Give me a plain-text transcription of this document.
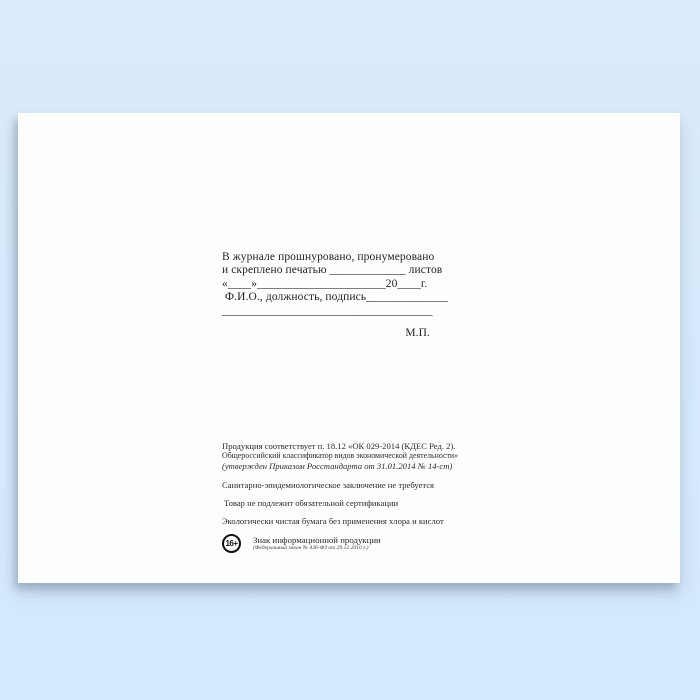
В журнале прошнуровано, пронумеровано
и скреплено печатью _____________ листов
«____»______________________20____г.
Ф.И.О., должность, подпись______________
____________________________________
М.П.
Продукция соответствует п. 18.12 «ОК 029-2014 (КДЕС Ред. 2).
Общероссийский классификатор видов экономической деятельности»
(утвержден Приказом Росстандарта от 31.01.2014 № 14-ст)
Санитарно-эпидемиологическое заключение не требуется
Товар не подлежит обязательной сертификации
Экологически чистая бумага без применения хлора и кислот
16+	Знак информационной продукции
(Федеральный закон № 436-ФЗ от 29.12.2010 г.)
